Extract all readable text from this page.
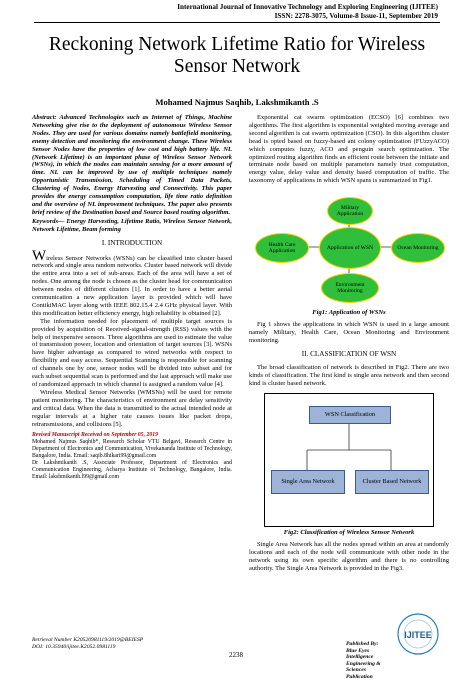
International Journal of Innovative Technology and Exploring Engineering (IJITEE)
ISSN: 2278-3075, Volume-8 Issue-11, September 2019
Reckoning Network Lifetime Ratio for Wireless Sensor Network
Mohamed Najmus Saqhib, Lakshmikanth .S
Abstract: Advanced Technologies such as Internet of Things, Machine Networking give rise to the deployment of autonomous Wireless Sensor Nodes. They are used for various domains namely battlefield monitoring, enemy detection and monitoring the environment change. These Wireless Sensor Nodes have the properties of low cost and high battery life. NL (Network Lifetime) is an important phase of Wireless Sensor Network (WSNs), in which the nodes can maintain sensing for a more amount of time. NL can be improved by use of multiple techniques namely Opportunistic Transmission, Scheduling of Timed Data Packets, Clustering of Nodes, Energy Harvesting and Connectivity. This paper provides the energy consumption computation, life time ratio definition and the overview of NL improvement techniques. The paper also presents brief review of the Destination based and Source based routing algorithm.
Keywords— Energy Harvesting, Lifetime Ratio, Wireless Sensor Network, Network Lifetime, Beam forming
I. INTRODUCTION

Wireless Sensor Networks (WSNs) can be classified into cluster based network and single area random networks. Cluster based network will divide the entire area into a set of sub-areas. Each of the area will have a set of nodes. One among the node is chosen as the cluster head for communication between nodes of different clusters [1]. In order to have a better aerial communication a new application layer is provided which will have ContikiMAC layer along with IEEE 802.15.4 2.4 GHz physical layer. With this modification better efficiency energy, high reliability is obtained [2].

The information needed for placement of multiple target sources is provided by acquisition of Received-signal-strength (RSS) values with the help of inexpensive sensors. Three algorithms are used to estimate the value of transmission power, location and orientation of target sources [3]. WSNs have higher advantage as compared to wired networks with respect to flexibility and easy access. Sequential Scanning is responsible for scanning of channels one by one, sensor nodes will be divided into subset and for each subset sequential scan is performed and the last approach will make use of randomized approach in which channel is assigned a random value [4].

Wireless Medical Sensor Networks (WMSNs) will be used for remote patient monitoring. The characteristics of environment are delay sensitivity and critical data. When the data is transmitted to the actual intended node at regular intervals at a higher rate causes issues like packet drops, retransmissions, and collisions [5].

Revised Manuscript Received on September 05, 2019
Mohamed Najmus Saqhib*, Research Scholar VTU Belgavi, Research Centre in Department of Electronics and Communication, Vivekananda Institute of Technology, Bangalore, India. Email: saqib.8hikari99@gmail.com
Dr Lakshmikanth .S, Associate Professor, Department of Electronics and Communication Engineering, Acharya Institute of Technology, Bangalore, India. Email: lakshmikanth.l99@gmail.com

Exponential cat swarm optimization (ECSO) [6] combines two algorithms. The first algorithm is exponential weighted moving average and second algorithm is cat swarm optimization (CSO). In this algorithm cluster head is opted based on fuzzy-based ant colony optimization (FUzzyACO) which computes fuzzy, ACO and penguin search optimization. The optimized routing algorithm finds an efficient route between the initiate and terminate node based on multiple parameters namely trust computation, energy value, delay value and density based computation of traffic. The taxonomy of applications in which WSN spans is summarized in Fig1.

Military Application
Health Care Application
Application of WSN	Ocean Monitoring
Environment Monitoring
Fig1: Application of WSNs

Fig 1 shows the applications in which WSN is used in a large amount namely Military, Health Care, Ocean Monitoring and Environment monitoring.

II. CLASSIFICATION OF WSN

The broad classification of network is described in Fig2. There are two kinds of classification. The first kind is single area network and then second kind is cluster based network.

WSN Classification
Single Area Network	Cluster Based Network
Fig2: Classification of Wireless Sensor Network

Single Area Network has all the nodes spread within an area at randomly locations and each of the node will communicate with other node in the network using its own specific algorithm and there is no controlling authority. The Single Area Network is provided in the Fig3.

Retrieval Number K20520981119/2019@BEIESP
DOI: 10.35940/ijitee.K2052.0981119
2238
Published By:
Blue Eyes Intelligence Engineering & Sciences Publication
IJITEE
